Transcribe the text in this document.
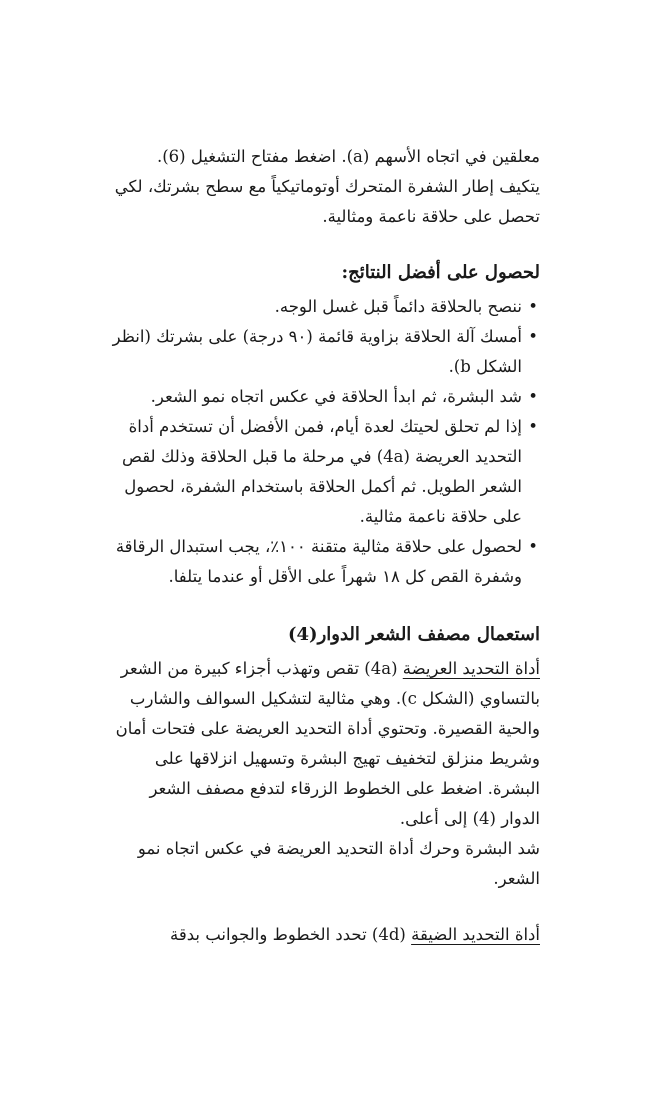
معلقين في اتجاه الأسهم (a). اضغط مفتاح التشغيل (6). يتكيف إطار الشفرة المتحرك أوتوماتيكياً مع سطح بشرتك، لكي تحصل على حلاقة ناعمة ومثالية.

لحصول على أفضل النتائج:
• ننصح بالحلاقة دائماً قبل غسل الوجه.
• أمسك آلة الحلاقة بزاوية قائمة (٩٠ درجة) على بشرتك (انظر الشكل b).
• شد البشرة، ثم ابدأ الحلاقة في عكس اتجاه نمو الشعر.
• إذا لم تحلق لحيتك لعدة أيام، فمن الأفضل أن تستخدم أداة التحديد العريضة (4a) في مرحلة ما قبل الحلاقة وذلك لقص الشعر الطويل. ثم أكمل الحلاقة باستخدام الشفرة، لحصول على حلاقة ناعمة مثالية.
• لحصول على حلاقة مثالية متقنة ١٠٠٪، يجب استبدال الرقاقة وشفرة القص كل ١٨ شهراً على الأقل أو عندما يتلفا.
استعمال مصفف الشعر الدوار(4)

أداة التحديد العريضة (4a) تقص وتهذب أجزاء كبيرة من الشعر بالتساوي (الشكل c). وهي مثالية لتشكيل السوالف والشارب والحية القصيرة. وتحتوي أداة التحديد العريضة على فتحات أمان وشريط منزلق لتخفيف تهيج البشرة وتسهيل انزلاقها على البشرة. اضغط على الخطوط الزرقاء لتدفع مصفف الشعر الدوار (4) إلى أعلى.

شد البشرة وحرك أداة التحديد العريضة في عكس اتجاه نمو الشعر.

أداة التحديد الضيقة (4d) تحدد الخطوط والجوانب بدقة
